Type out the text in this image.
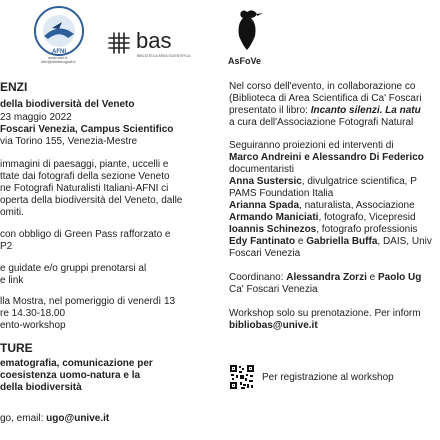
AFNI
www.afni.it
info@afnifotografi.it
bas
BIBLIOTECA AREA SCIENTIFICA	AsFoVe
ENZI
della biodiversità del Veneto
23 maggio 2022
Foscari Venezia, Campus Scientifico
via Torino 155, Venezia-Mestre
immagini di paesaggi, piante, uccelli e
ttate dai fotografi della sezione Veneto
ne Fotografi Naturalisti Italiani-AFNI ci
operta della biodiversità del Veneto, dalle
omiti.
con obbligo di Green Pass rafforzato e
P2
e guidate e/o gruppi prenotarsi al
e link
lla Mostra, nel pomeriggio di venerdì 13
re 14.30-18.00
ento-workshop
TURE
ematografia, comunicazione per
coesistenza uomo-natura e la
della biodiversità
go, email: ugo@unive.it
Nel corso dell'evento, in collaborazione co
(Biblioteca di Area Scientifica di Ca' Foscari
presentato il libro: Incanto silenzi. La natu
a cura dell'Associazione Fotografi Natural
Seguiranno proiezioni ed interventi di
Marco Andreini e Alessandro Di Federico
documentaristi
Anna Sustersic, divulgatrice scientifica, P
PAMS Foundation Italia
Arianna Spada, naturalista, Associazione
Armando Maniciati, fotografo, Vicepresid
Ioannis Schinezos, fotografo professionis
Edy Fantinato e Gabriella Buffa, DAIS, Univ
Foscari Venezia
Coordinano: Alessandra Zorzi e Paolo Ug
Ca' Foscari Venezia
Workshop solo su prenotazione. Per inform
bibliobas@unive.it
Per registrazione al workshop
